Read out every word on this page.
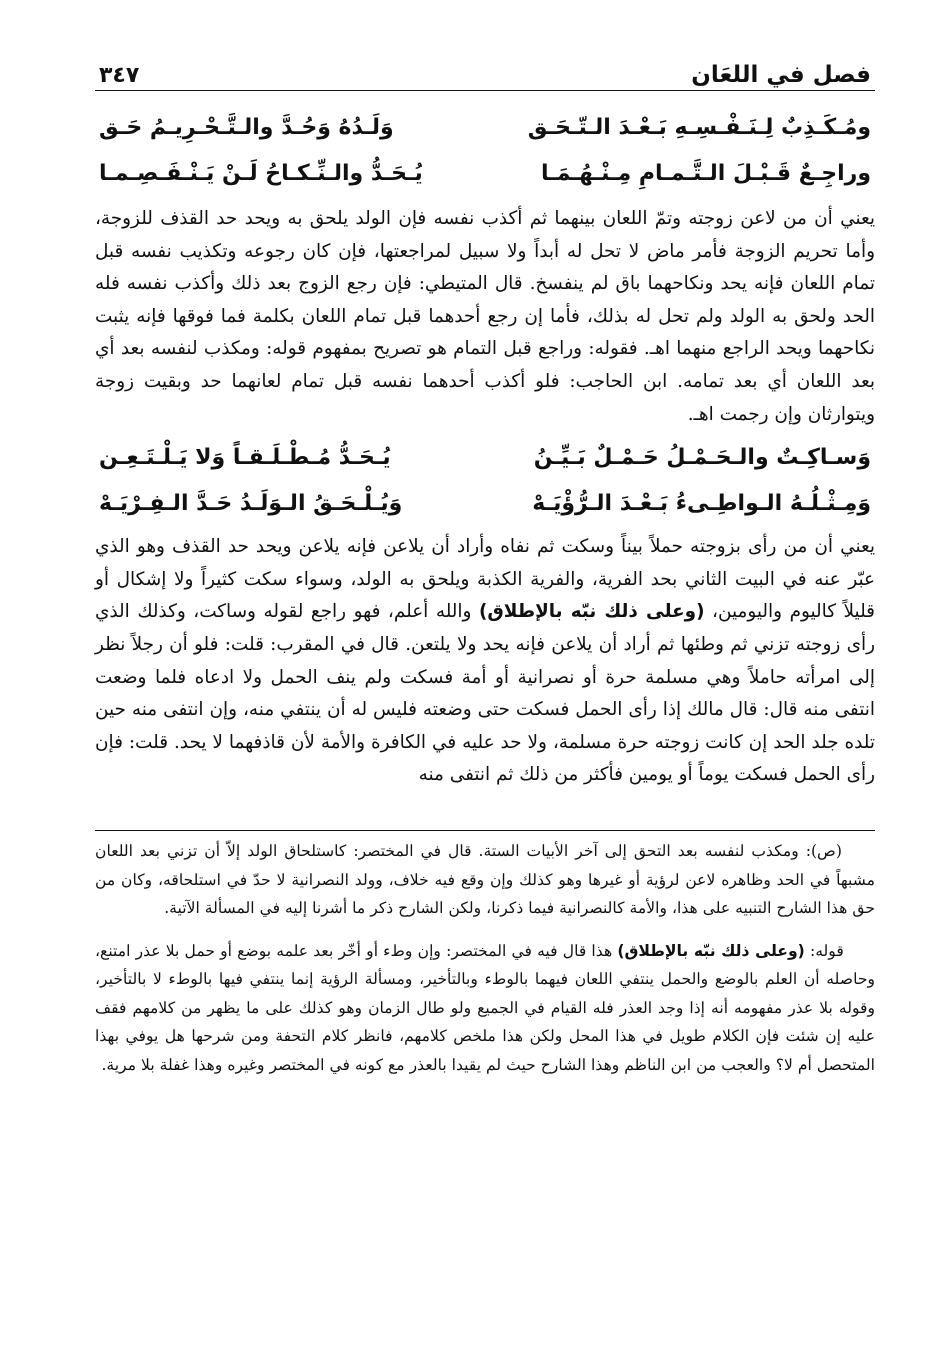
فصل في اللعَان
٣٤٧
ومُـكَـذِبٌ لِـنَـفْـسِـهِ بَـعْـدَ الـتّـحَـق
وَلَـدُهُ وَحُـدَّ والـتَّـحْـرِيـمُ حَـق
وراجِـعٌ قَـبْـلَ الـتَّـمـامِ مِـنْـهُـمَـا
يُـحَـدُّ والـنِّـكـاحُ لَـنْ يَـنْـفَـصِـمـا

يعني أن من لاعن زوجته وتمّ اللعان بينهما ثم أكذب نفسه فإن الولد يلحق به ويحد حد القذف للزوجة، وأما تحريم الزوجة فأمر ماض لا تحل له أبداً ولا سبيل لمراجعتها، فإن كان رجوعه وتكذيب نفسه قبل تمام اللعان فإنه يحد ونكاحهما باق لم ينفسخ. قال المتيطي: فإن رجع الزوج بعد ذلك وأكذب نفسه فله الحد ولحق به الولد ولم تحل له بذلك، فأما إن رجع أحدهما قبل تمام اللعان بكلمة فما فوقها فإنه يثبت نكاحهما ويحد الراجع منهما اهـ. فقوله: وراجع قبل التمام هو تصريح بمفهوم قوله: ومكذب لنفسه بعد أي بعد اللعان أي بعد تمامه. ابن الحاجب: فلو أكذب أحدهما نفسه قبل تمام لعانهما حد وبقيت زوجة ويتوارثان وإن رجمت اهـ.

وَسـاكِـتٌ والـحَـمْـلُ حَـمْـلٌ بَـيِّـنُ
يُـحَـدُّ مُـطْـلَـقـاً وَلا يَـلْـتَـعِـن
وَمِـثْـلُـهُ الـواطِـىءُ بَـعْـدَ الـرُّؤْيَـهْ
وَيُـلْـحَـقُ الـوَلَـدُ حَـدَّ الـفِـرْيَـهْ

يعني أن من رأى بزوجته حملاً بيناً وسكت ثم نفاه وأراد أن يلاعن فإنه يلاعن ويحد حد القذف وهو الذي عبّر عنه في البيت الثاني بحد الفرية، والفرية الكذبة ويلحق به الولد، وسواء سكت كثيراً ولا إشكال أو قليلاً كاليوم واليومين، (وعلى ذلك نبّه بالإطلاق) والله أعلم، فهو راجع لقوله وساكت، وكذلك الذي رأى زوجته تزني ثم وطئها ثم أراد أن يلاعن فإنه يحد ولا يلتعن. قال في المقرب: قلت: فلو أن رجلاً نظر إلى امرأته حاملاً وهي مسلمة حرة أو نصرانية أو أمة فسكت ولم ينف الحمل ولا ادعاه فلما وضعت انتفى منه قال: قال مالك إذا رأى الحمل فسكت حتى وضعته فليس له أن ينتفي منه، وإن انتفى منه حين تلده جلد الحد إن كانت زوجته حرة مسلمة، ولا حد عليه في الكافرة والأمة لأن قاذفهما لا يحد. قلت: فإن رأى الحمل فسكت يوماً أو يومين فأكثر من ذلك ثم انتفى منه

(ص): ومكذب لنفسه بعد التحق إلى آخر الأبيات الستة. قال في المختصر: كاستلحاق الولد إلاّ أن تزني بعد اللعان مشبهاً في الحد وظاهره لاعن لرؤية أو غيرها وهو كذلك وإن وقع فيه خلاف، وولد النصرانية لا حدّ في استلحاقه، وكان من حق هذا الشارح التنبيه على هذا، والأمة كالنصرانية فيما ذكرنا، ولكن الشارح ذكر ما أشرنا إليه في المسألة الآتية.

قوله: (وعلى ذلك نبّه بالإطلاق) هذا قال فيه في المختصر: وإن وطء أو أخّر بعد علمه بوضع أو حمل بلا عذر امتنع، وحاصله أن العلم بالوضع والحمل ينتفي اللعان فيهما بالوطء وبالتأخير، ومسألة الرؤية إنما ينتفي فيها بالوطء لا بالتأخير، وقوله بلا عذر مفهومه أنه إذا وجد العذر فله القيام في الجميع ولو طال الزمان وهو كذلك على ما يظهر من كلامهم فقف عليه إن شئت فإن الكلام طويل في هذا المحل ولكن هذا ملخص كلامهم، فانظر كلام التحفة ومن شرحها هل يوفي بهذا المتحصل أم لا؟ والعجب من ابن الناظم وهذا الشارح حيث لم يقيدا بالعذر مع كونه في المختصر وغيره وهذا غفلة بلا مرية.
